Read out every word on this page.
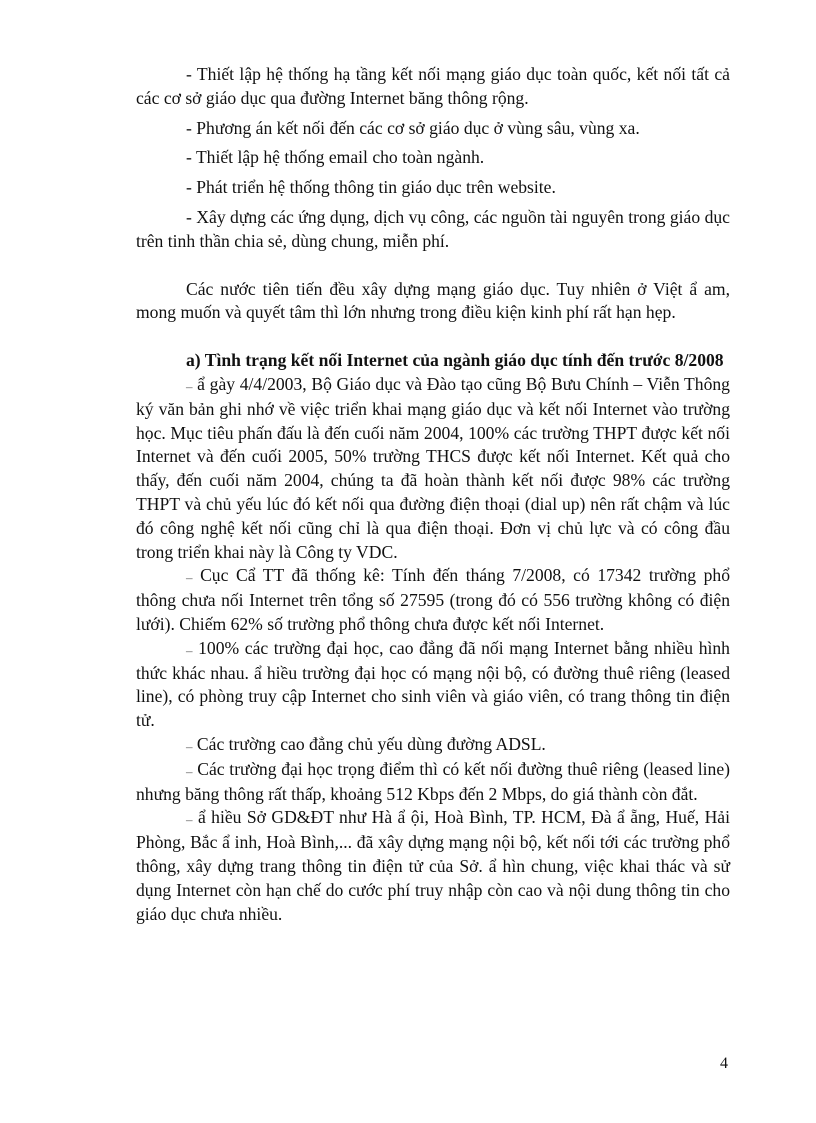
- Thiết lập hệ thống hạ tầng kết nối mạng giáo dục toàn quốc, kết nối tất cả các cơ sở giáo dục qua đường Internet băng thông rộng.

- Phương án kết nối đến các cơ sở giáo dục ở vùng sâu, vùng xa.

- Thiết lập hệ thống email cho toàn ngành.

- Phát triển hệ thống thông tin giáo dục trên website.

- Xây dựng các ứng dụng, dịch vụ công, các nguồn tài nguyên trong giáo dục trên tinh thần chia sẻ, dùng chung, miễn phí.

Các nước tiên tiến đều xây dựng mạng giáo dục. Tuy nhiên ở Việt ẩ am, mong muốn và quyết tâm thì lớn nhưng trong điều kiện kinh phí rất hạn hẹp.

a) Tình trạng kết nối Internet của ngành giáo dục tính đến trước 8/2008

– ẩ gày 4/4/2003, Bộ Giáo dục và Đào tạo cũng Bộ Bưu Chính – Viễn Thông ký văn bản ghi nhớ về việc triển khai mạng giáo dục và kết nối Internet vào trường học. Mục tiêu phấn đấu là đến cuối năm 2004, 100% các trường THPT được kết nối Internet và đến cuối 2005, 50% trường THCS được kết nối Internet. Kết quả cho thấy, đến cuối năm 2004, chúng ta đã hoàn thành kết nối được 98% các trường THPT và chủ yếu lúc đó kết nối qua đường điện thoại (dial up) nên rất chậm và lúc đó công nghệ kết nối cũng chỉ là qua điện thoại. Đơn vị chủ lực và có công đầu trong triển khai này là Công ty VDC.

– Cục Cẩ TT đã thống kê: Tính đến tháng 7/2008, có 17342 trường phổ thông chưa nối Internet trên tổng số 27595 (trong đó có 556 trường không có điện lưới). Chiếm 62% số trường phổ thông chưa được kết nối Internet.

– 100% các trường đại học, cao đẳng đã nối mạng Internet bằng nhiều hình thức khác nhau. ẩ hiều trường đại học có mạng nội bộ, có đường thuê riêng (leased line), có phòng truy cập Internet cho sinh viên và giáo viên, có trang thông tin điện tử.

– Các trường cao đẳng chủ yếu dùng đường ADSL.

– Các trường đại học trọng điểm thì có kết nối đường thuê riêng (leased line) nhưng băng thông rất thấp, khoảng 512 Kbps đến 2 Mbps, do giá thành còn đắt.

– ẩ hiều Sở GD&ĐT như Hà ẩ ội, Hoà Bình, TP. HCM, Đà ẩ ẵng, Huế, Hải Phòng, Bắc ẩ inh, Hoà Bình,... đã xây dựng mạng nội bộ, kết nối tới các trường phổ thông, xây dựng trang thông tin điện tử của Sở. ẩ hìn chung, việc khai thác và sử dụng Internet còn hạn chế do cước phí truy nhập còn cao và nội dung thông tin cho giáo dục chưa nhiều.

4
